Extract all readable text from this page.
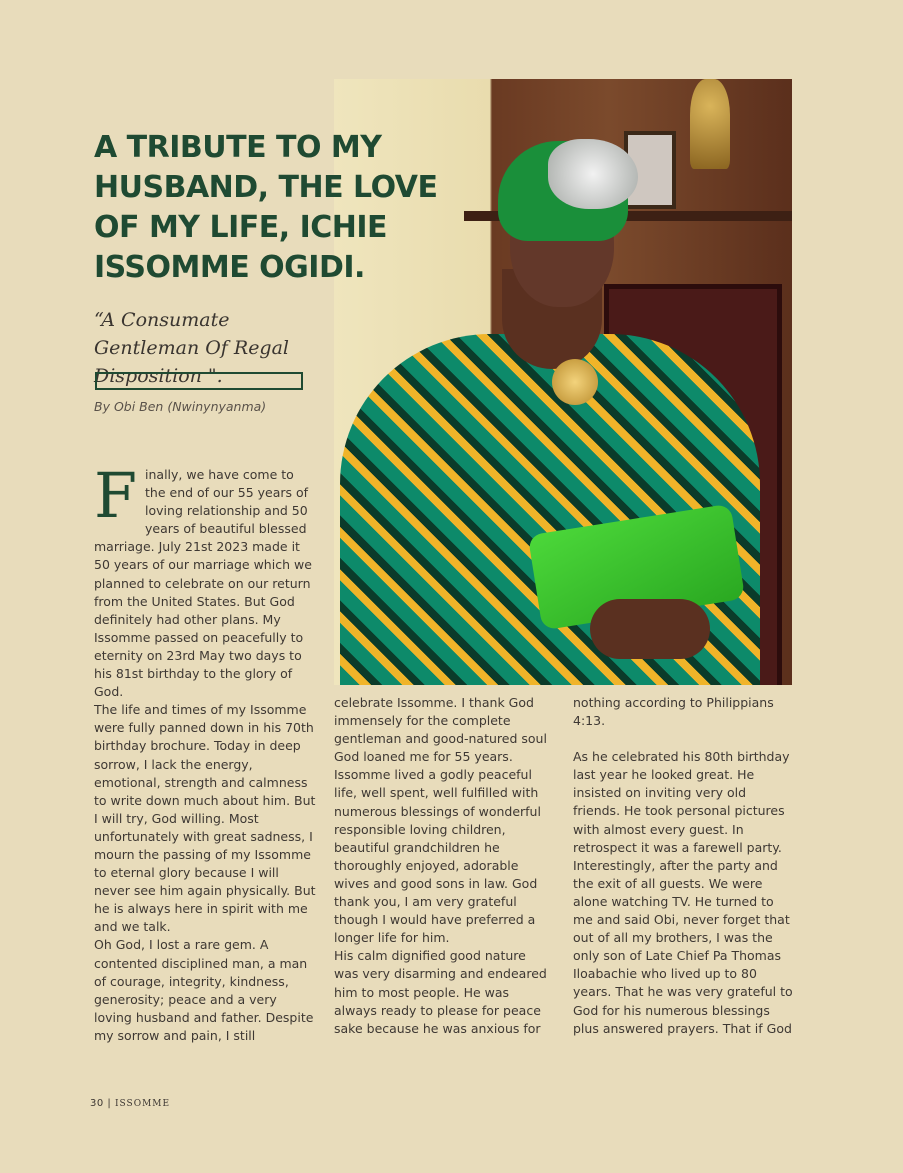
A TRIBUTE TO MY HUSBAND, THE LOVE OF MY LIFE, ICHIE ISSOMME OGIDI.
“A Consumate Gentleman Of Regal Disposition ".
By Obi Ben (Nwinynyanma)

Finally, we have come to the end of our 55 years of loving relationship and 50 years of beautiful blessed marriage. July 21st 2023 made it 50 years of our marriage which we planned to celebrate on our return from the United States. But God definitely had other plans. My Issomme passed on peacefully to eternity on 23rd May two days to his 81st birthday to the glory of God.

The life and times of my Issomme were fully panned down in his 70th birthday brochure. Today in deep sorrow, I lack the energy, emotional, strength and calmness to write down much about him. But I will try, God willing. Most unfortunately with great sadness, I mourn the passing of my Issomme to eternal glory because I will never see him again physically. But he is always here in spirit with me and we talk.

Oh God, I lost a rare gem. A contented disciplined man, a man of courage, integrity, kindness, generosity; peace and a very loving husband and father. Despite my sorrow and pain, I still

celebrate Issomme. I thank God immensely for the complete gentleman and good-natured soul God loaned me for 55 years. Issomme lived a godly peaceful life, well spent, well fulfilled with numerous blessings of wonderful responsible loving children, beautiful grandchildren he thoroughly enjoyed, adorable wives and good sons in law. God thank you, I am very grateful though I would have preferred a longer life for him.

His calm dignified good nature was very disarming and endeared him to most people. He was always ready to please for peace sake because he was anxious for

nothing according to Philippians 4:13.

As he celebrated his 80th birthday last year he looked great. He insisted on inviting very old friends. He took personal pictures with almost every guest. In retrospect it was a farewell party. Interestingly, after the party and the exit of all guests. We were alone watching TV. He turned to me and said Obi, never forget that out of all my brothers, I was the only son of Late Chief Pa Thomas Iloabachie who lived up to 80 years. That he was very grateful to God for his numerous blessings plus answered prayers. That if God

30 | ISSOMME
